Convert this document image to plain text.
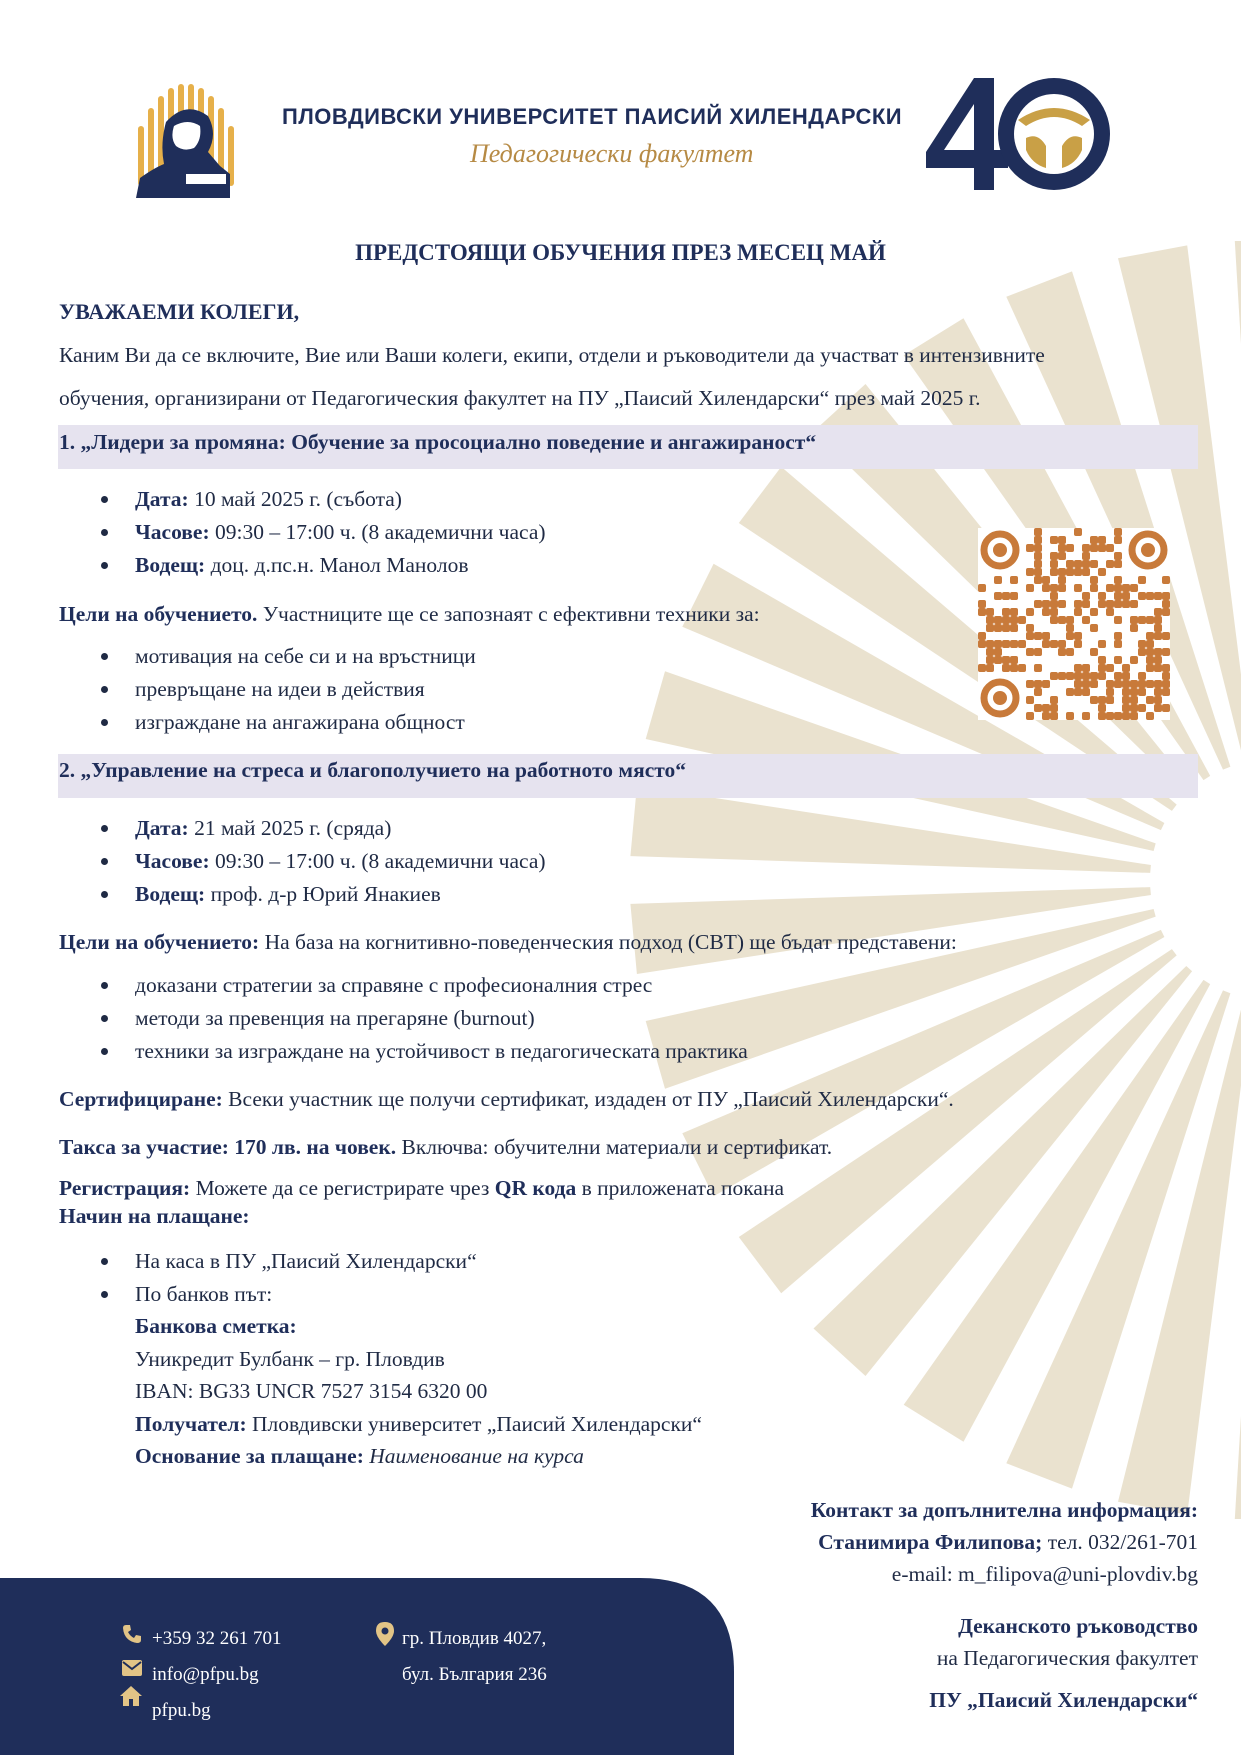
ПЛОВДИВСКИ УНИВЕРСИТЕТ ПАИСИЙ ХИЛЕНДАРСКИ
Педагогически факултет	40
ПРЕДСТОЯЩИ ОБУЧЕНИЯ ПРЕЗ МЕСЕЦ МАЙ
УВАЖАЕМИ КОЛЕГИ,
Каним Ви да се включите, Вие или Ваши колеги, екипи, отдели и ръководители да участват в интензивните
обучения, организирани от Педагогическия факултет на ПУ „Паисий Хилендарски“ през май 2025 г.
1. „Лидери за промяна: Обучение за просоциално поведение и ангажираност“
Дата: 10 май 2025 г. (събота)
Часове: 09:30 – 17:00 ч. (8 академични часа)
Водещ: доц. д.пс.н. Манол Манолов
Цели на обучението. Участниците ще се запознаят с ефективни техники за:
мотивация на себе си и на връстници
превръщане на идеи в действия
изграждане на ангажирана общност
2. „Управление на стреса и благополучието на работното място“
Дата: 21 май 2025 г. (сряда)
Часове: 09:30 – 17:00 ч. (8 академични часа)
Водещ: проф. д-р Юрий Янакиев
Цели на обучението: На база на когнитивно-поведенческия подход (CBT) ще бъдат представени:
доказани стратегии за справяне с професионалния стрес
методи за превенция на прегаряне (burnout)
техники за изграждане на устойчивост в педагогическата практика
Сертифициране: Всеки участник ще получи сертификат, издаден от ПУ „Паисий Хилендарски“.
Такса за участие: 170 лв. на човек. Включва: обучителни материали и сертификат.
Регистрация: Можете да се регистрирате чрез QR кода в приложената покана
Начин на плащане:
На каса в ПУ „Паисий Хилендарски“
По банков път:
Банкова сметка:
Уникредит Булбанк – гр. Пловдив
IBAN: BG33 UNCR 7527 3154 6320 00
Получател: Пловдивски университет „Паисий Хилендарски“
Основание за плащане: Наименование на курса
Контакт за допълнителна информация:
Станимира Филипова; тел. 032/261-701
e-mail: m_filipova@uni-plovdiv.bg
Деканското ръководство
на Педагогическия факултет
ПУ „Паисий Хилендарски“
+359 32 261 701
info@pfpu.bg
pfpu.bg
гр. Пловдив 4027,
бул. България 236
